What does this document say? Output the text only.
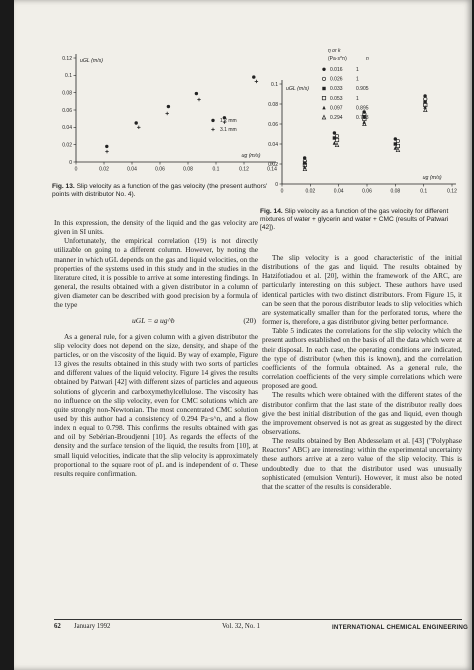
0	0.02	0.04	0.06	0.08	0.1	0.12	0.14
0
0.02
0.04
0.06
0.08
0.1
0.12 uGL (m/s)
ug (m/s)
1.2 mm
3.1 mm
Fig. 13. Slip velocity as a function of the gas velocity (the present authors' points with distributor No. 4).	0	0.02	0.04	0.06	0.08	0.1	0.12
0
0.02
0.04
0.06
0.08
0.1
uGL (m/s)
ug (m/s)
η or k
(Pa·s^n)	n
0.016	1
0.026	1
0.033	0.905
0.053	1
0.097	0.895
0.294	0.798
Fig. 14. Slip velocity as a function of the gas velocity for different mixtures of water + glycerin and water + CMC (results of Patwari [42]).

In this expression, the density of the liquid and the gas velocity are given in SI units.

Unfortunately, the empirical correlation (19) is not directly utilizable on going to a different column. However, by noting the manner in which uGL depends on the gas and liquid velocities, on the properties of the systems used in this study and in the studies in the literature cited, it is possible to arrive at some interesting findings. In general, the results obtained with a given distributor in a column of given diameter can be described with good precision by a formula of the type

uGL = a ug^b	(20)

As a general rule, for a given column with a given distributor the slip velocity does not depend on the size, density, and shape of the particles, or on the viscosity of the liquid. By way of example, Figure 13 gives the results obtained in this study with two sorts of particles and different values of the liquid velocity. Figure 14 gives the results obtained by Patwari [42] with different sizes of particles and aqueous solutions of glycerin and carboxymethylcellulose. The viscosity has no influence on the slip velocity, even for CMC solutions which are quite strongly non-Newtonian. The most concentrated CMC solution used by this author had a consistency of 0.294 Pa·s^n, and a flow index n equal to 0.798. This confirms the results obtained with gas and oil by Sebérian-Broudjenni [10]. As regards the effects of the density and the surface tension of the liquid, the results from [10], at small liquid velocities, indicate that the slip velocity is approximately proportional to the square root of ρL and is independent of σ. These results require confirmation.

The slip velocity is a good characteristic of the initial distributions of the gas and liquid. The results obtained by Hatzifotiadou et al. [20], within the framework of the ARC, are particularly interesting on this subject. These authors have used identical particles with two distinct distributors. From Figure 15, it can be seen that the porous distributor leads to slip velocities which are systematically smaller than for the perforated torus, where the former is, therefore, a gas distributor giving better performance.

Table 5 indicates the correlations for the slip velocity which the present authors established on the basis of all the data which were at their disposal. In each case, the operating conditions are indicated, the type of distributor (when this is known), and the correlation coefficients of the formula obtained. As a general rule, the correlation coefficients of the very simple correlations which were proposed are good.

The results which were obtained with the different states of the distributor confirm that the last state of the distributor really does give the best initial distribution of the gas and liquid, even though the improvement observed is not as great as suggested by the direct observations.

The results obtained by Ben Abdesselam et al. [43] ("Polyphase Reactors" ABC) are interesting: within the experimental uncertainty these authors arrive at a zero value of the slip velocity. This is undoubtedly due to that the distributor used was unusually sophisticated (emulsion Venturi). However, it must also be noted that the scatter of the results is considerable.

62 January 1992	Vol. 32, No. 1	INTERNATIONAL CHEMICAL ENGINEERING
